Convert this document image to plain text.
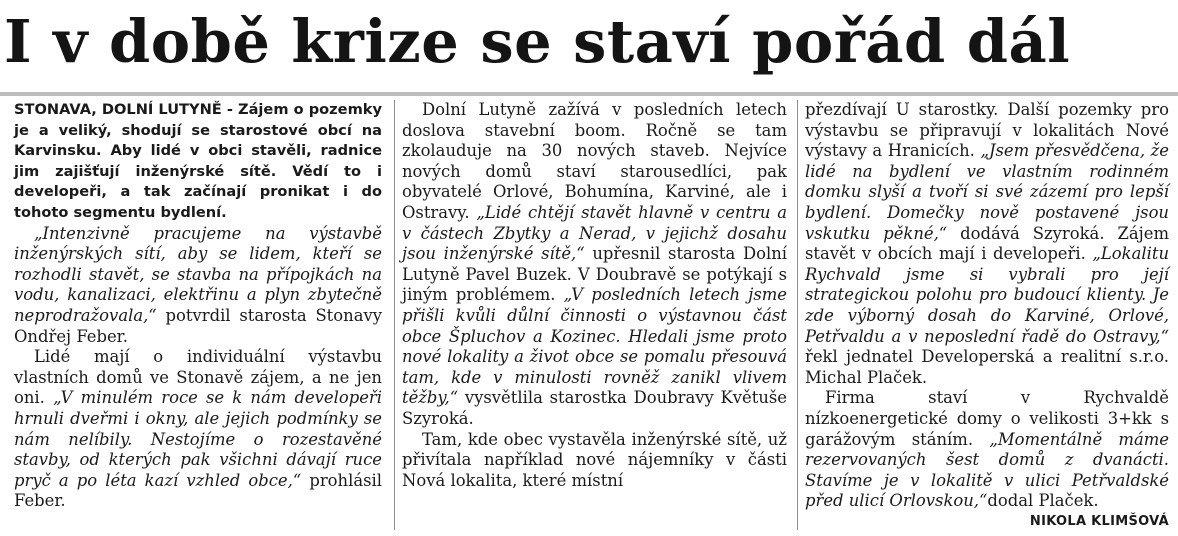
I v době krize se staví pořád dál

STONAVA, DOLNÍ LUTYNĚ - Zájem o pozemky je a veliký, shodují se starostové obcí na Karvinsku. Aby lidé v obci stavěli, radnice jim zajišťují inženýrské sítě. Vědí to i developeři, a tak začínají pronikat i do tohoto segmentu bydlení.

„Intenzivně pracujeme na výstavbě inženýrských sítí, aby se lidem, kteří se rozhodli stavět, se stavba na přípojkách na vodu, kanalizaci, elektřinu a plyn zbytečně neprodražovala,“ potvrdil starosta Stonavy Ondřej Feber.

Lidé mají o individuální výstavbu vlastních domů ve Stonavě zájem, a ne jen oni. „V minulém roce se k nám developeři hrnuli dveřmi i okny, ale jejich podmínky se nám nelíbily. Nestojíme o rozestavěné stavby, od kterých pak všichni dávají ruce pryč a po léta kazí vzhled obce,“ prohlásil Feber.

Dolní Lutyně zažívá v posledních letech doslova stavební boom. Ročně se tam zkolauduje na 30 nových staveb. Nejvíce nových domů staví starousedlíci, pak obyvatelé Orlové, Bohumína, Karviné, ale i Ostravy. „Lidé chtějí stavět hlavně v centru a v částech Zbytky a Nerad, v jejichž dosahu jsou inženýrské sítě,“ upřesnil starosta Dolní Lutyně Pavel Buzek. V Doubravě se potýkají s jiným problémem. „V posledních letech jsme přišli kvůli důlní činnosti o výstavnou část obce Špluchov a Kozinec. Hledali jsme proto nové lokality a život obce se pomalu přesouvá tam, kde v minulosti rovněž zanikl vlivem těžby,“ vysvětlila starostka Doubravy Květuše Szyroká.

Tam, kde obec vystavěla inženýrské sítě, už přivítala například nové nájemníky v části Nová lokalita, které místní

přezdívají U starostky. Další pozemky pro výstavbu se připravují v lokalitách Nové výstavy a Hranicích. „Jsem přesvědčena, že lidé na bydlení ve vlastním rodinném domku slyší a tvoří si své zázemí pro lepší bydlení. Domečky nově postavené jsou vskutku pěkné,“ dodává Szyroká. Zájem stavět v obcích mají i developeři. „Lokalitu Rychvald jsme si vybrali pro její strategickou polohu pro budoucí klienty. Je zde výborný dosah do Karviné, Orlové, Petřvaldu a v neposlední řadě do Ostravy,“ řekl jednatel Developerská a realitní s.r.o. Michal Plaček.

Firma staví v Rychvaldě nízkoenergetické domy o velikosti 3+kk s garážovým stáním. „Momentálně máme rezervovaných šest domů z dvanácti. Stavíme je v lokalitě v ulici Petřvaldské před ulicí Orlovskou,“dodal Plaček.
NIKOLA KLIMŠOVÁ
